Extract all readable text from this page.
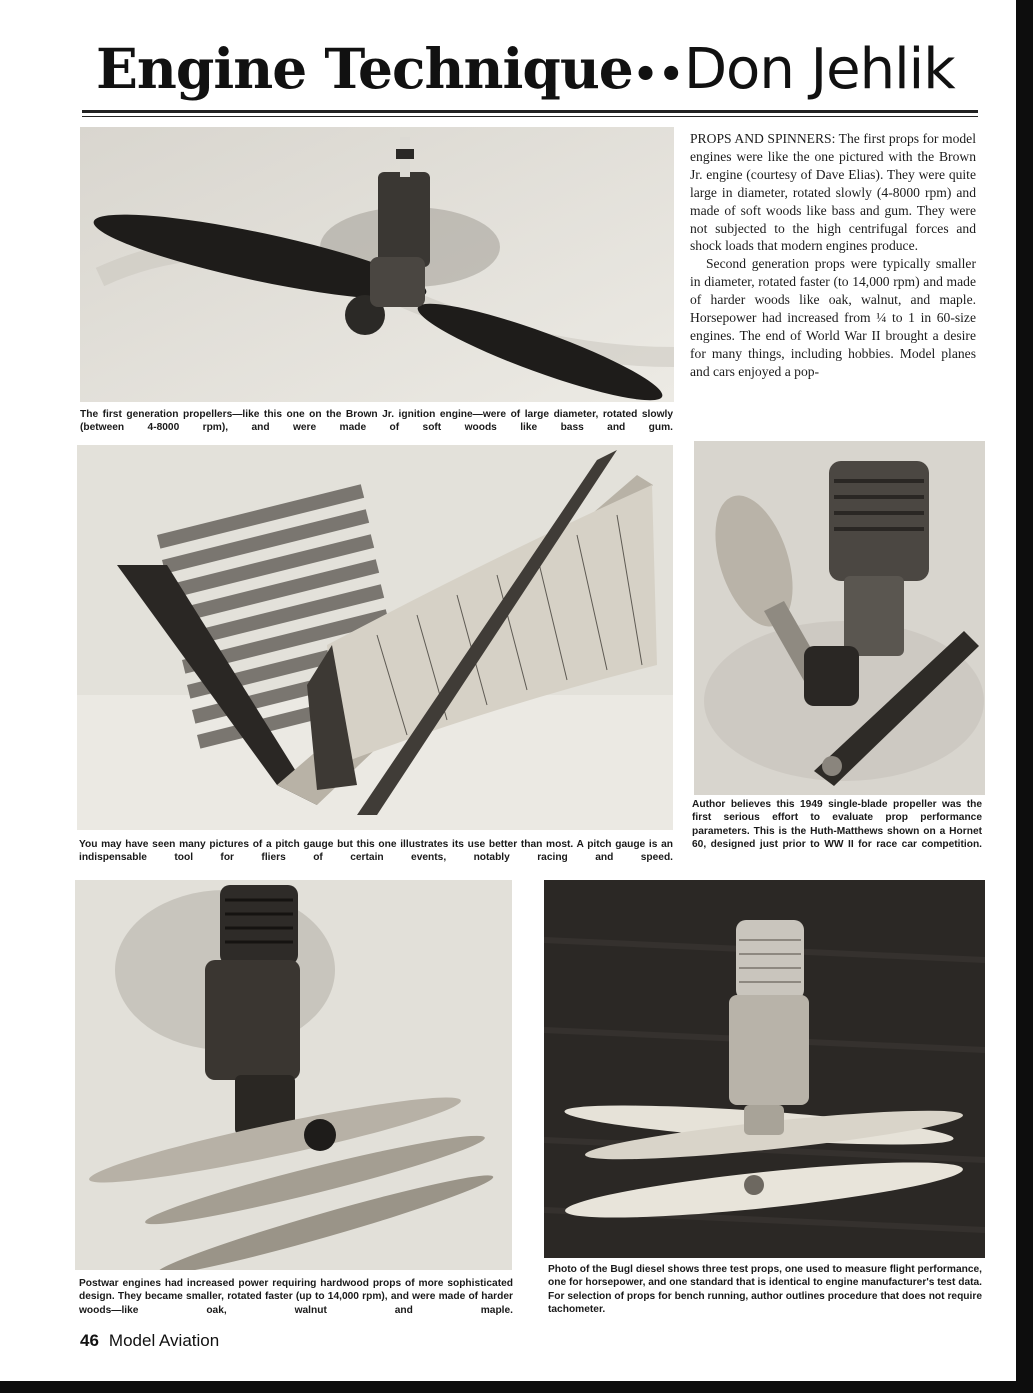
Engine Technique••Don Jehlik
The first generation propellers—like this one on the Brown Jr. ignition engine—were of large diameter, rotated slowly (between 4-8000 rpm), and were made of soft woods like bass and gum.

PROPS AND SPINNERS: The first props for model engines were like the one pictured with the Brown Jr. engine (courtesy of Dave Elias). They were quite large in diameter, rotated slowly (4-8000 rpm) and made of soft woods like bass and gum. They were not subjected to the high centrifugal forces and shock loads that modern engines produce.

Second generation props were typically smaller in diameter, rotated faster (to 14,000 rpm) and made of harder woods like oak, walnut, and maple. Horsepower had increased from ¼ to 1 in 60-size engines. The end of World War II brought a desire for many things, including hobbies. Model planes and cars enjoyed a pop-

You may have seen many pictures of a pitch gauge but this one illustrates its use better than most. A pitch gauge is an indispensable tool for fliers of certain events, notably racing and speed.
Author believes this 1949 single-blade propeller was the first serious effort to evaluate prop performance parameters. This is the Huth-Matthews shown on a Hornet 60, designed just prior to WW II for race car competition.
Postwar engines had increased power requiring hardwood props of more sophisticated design. They became smaller, rotated faster (up to 14,000 rpm), and were made of harder woods—like oak, walnut and maple.
Photo of the Bugl diesel shows three test props, one used to measure flight performance, one for horsepower, and one standard that is identical to engine manufacturer's test data. For selection of props for bench running, author outlines procedure that does not require tachometer.
46 Model Aviation
